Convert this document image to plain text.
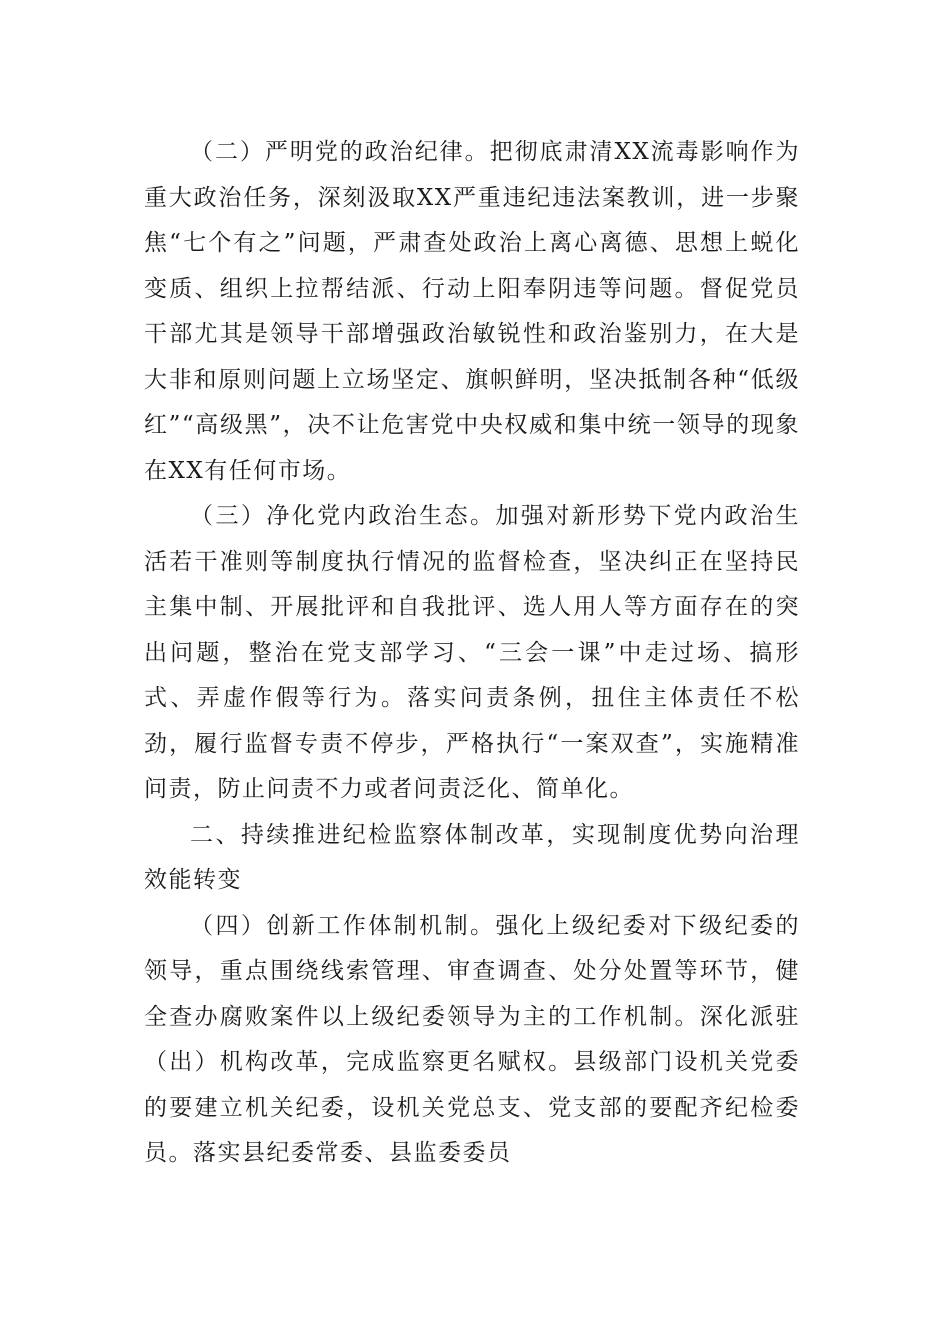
（二）严明党的政治纪律。把彻底肃清XX流毒影响作为重大政治任务，深刻汲取XX严重违纪违法案教训，进一步聚焦“七个有之”问题，严肃查处政治上离心离德、思想上蜕化变质、组织上拉帮结派、行动上阳奉阴违等问题。督促党员干部尤其是领导干部增强政治敏锐性和政治鉴别力，在大是大非和原则问题上立场坚定、旗帜鲜明，坚决抵制各种“低级红”“高级黑”，决不让危害党中央权威和集中统一领导的现象在XX有任何市场。

（三）净化党内政治生态。加强对新形势下党内政治生活若干准则等制度执行情况的监督检查，坚决纠正在坚持民主集中制、开展批评和自我批评、选人用人等方面存在的突出问题，整治在党支部学习、“三会一课”中走过场、搞形式、弄虚作假等行为。落实问责条例，扭住主体责任不松劲，履行监督专责不停步，严格执行“一案双查”，实施精准问责，防止问责不力或者问责泛化、简单化。

二、持续推进纪检监察体制改革，实现制度优势向治理效能转变

（四）创新工作体制机制。强化上级纪委对下级纪委的领导，重点围绕线索管理、审查调查、处分处置等环节，健全查办腐败案件以上级纪委领导为主的工作机制。深化派驻（出）机构改革，完成监察更名赋权。县级部门设机关党委的要建立机关纪委，设机关党总支、党支部的要配齐纪检委员。落实县纪委常委、县监委委员
